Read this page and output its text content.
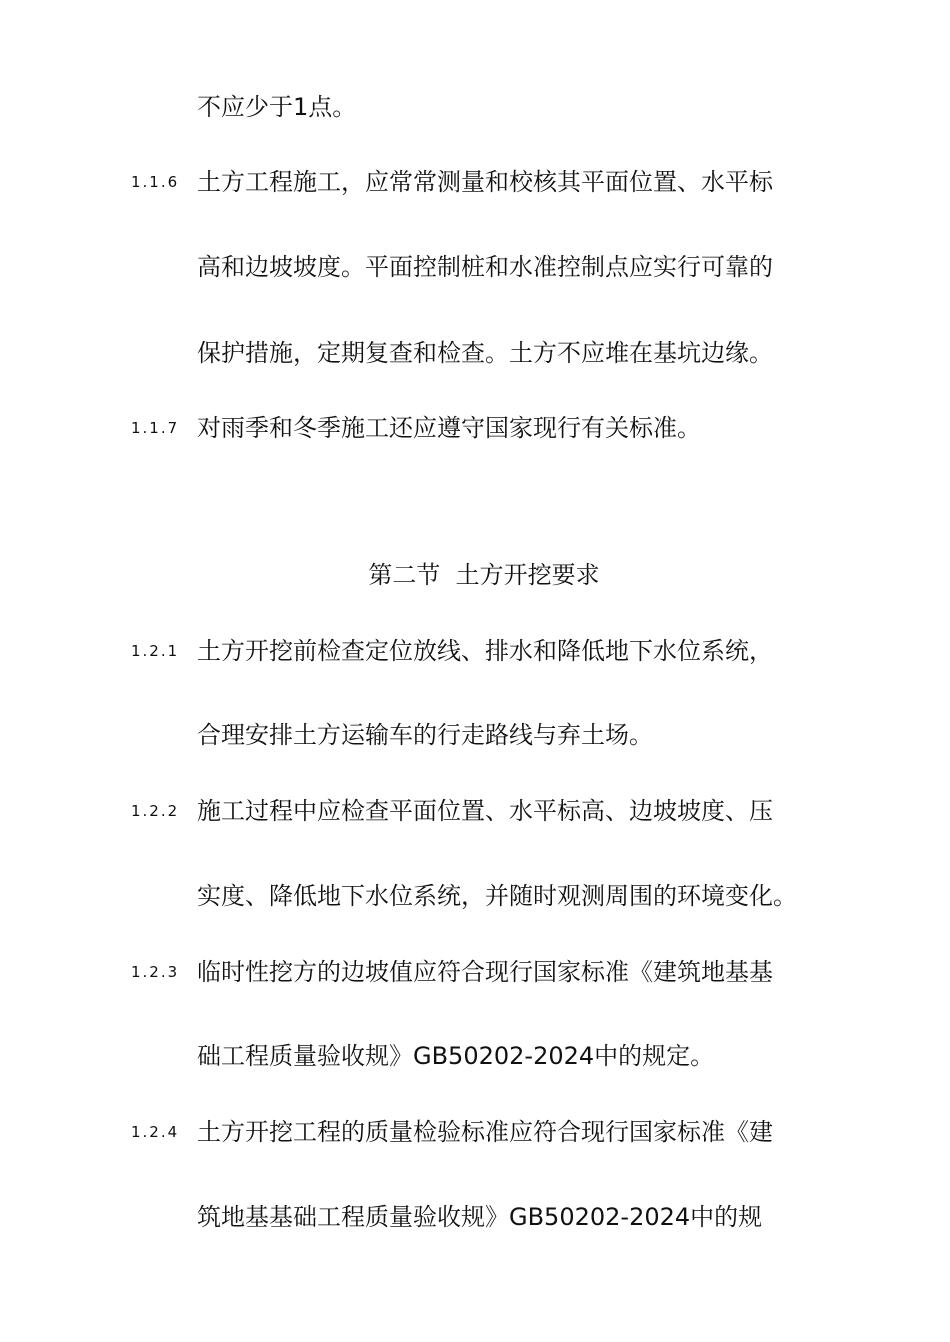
不应少于1点。
1.1.6 土方工程施工，应常常测量和校核其平面位置、水平标
高和边坡坡度。平面控制桩和水准控制点应实行可靠的
保护措施，定期复查和检查。土方不应堆在基坑边缘。
1.1.7 对雨季和冬季施工还应遵守国家现行有关标准。
第二节  土方开挖要求
1.2.1 土方开挖前检查定位放线、排水和降低地下水位系统，
合理安排土方运输车的行走路线与弃土场。
1.2.2 施工过程中应检查平面位置、水平标高、边坡坡度、压
实度、降低地下水位系统，并随时观测周围的环境变化。
1.2.3 临时性挖方的边坡值应符合现行国家标准《建筑地基基
础工程质量验收规》GB50202-2024中的规定。
1.2.4 土方开挖工程的质量检验标准应符合现行国家标准《建
筑地基基础工程质量验收规》GB50202-2024中的规
